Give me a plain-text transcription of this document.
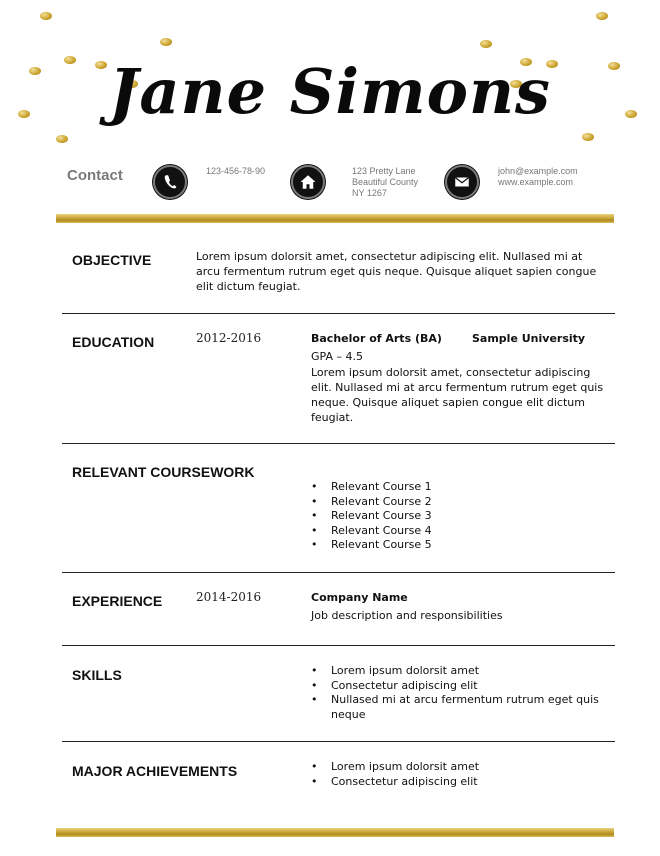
Jane Simons
Contact	123-456-78-90	123 Pretty Lane
Beautiful County
NY 1267
john@example.com
www.example.com
OBJECTIVE	Lorem ipsum dolorsit amet, consectetur adipiscing elit. Nullased mi at arcu fermentum rutrum eget quis neque. Quisque aliquet sapien congue elit dictum feugiat.
EDUCATION	2012-2016	Bachelor of Arts (BA)	Sample University
GPA – 4.5
Lorem ipsum dolorsit amet, consectetur adipiscing elit. Nullased mi at arcu fermentum rutrum eget quis neque. Quisque aliquet sapien congue elit dictum feugiat.
RELEVANT COURSEWORK
• Relevant Course 1
• Relevant Course 2
• Relevant Course 3
• Relevant Course 4
• Relevant Course 5
EXPERIENCE	2014-2016	Company Name
Job description and responsibilities
SKILLS	• Lorem ipsum dolorsit amet
• Consectetur adipiscing elit
• Nullased mi at arcu fermentum rutrum eget quis neque
MAJOR ACHIEVEMENTS	• Lorem ipsum dolorsit amet
• Consectetur adipiscing elit
